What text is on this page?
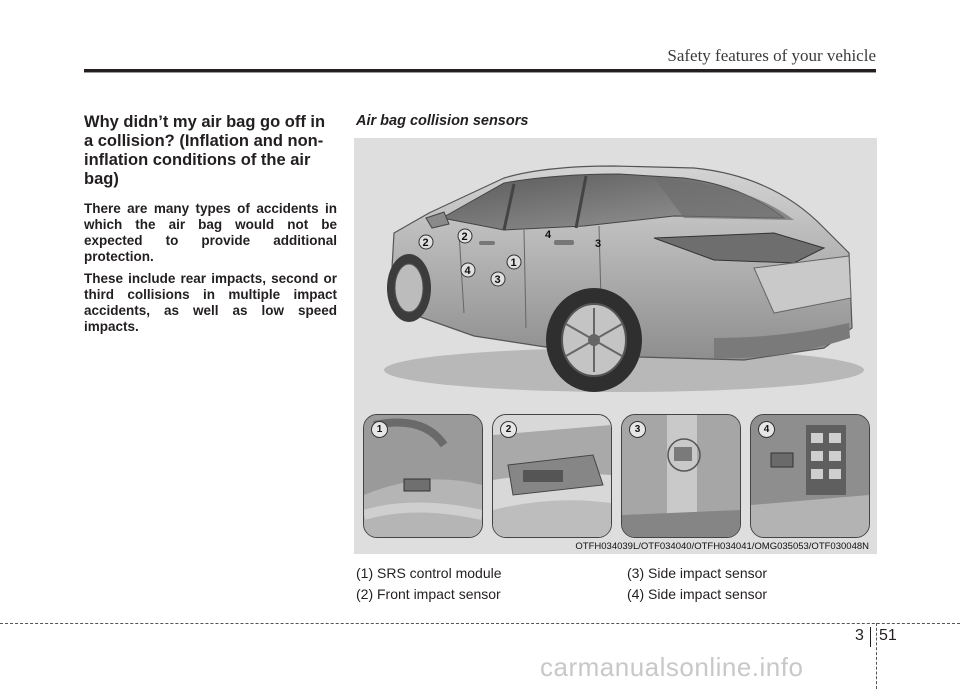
Safety features of your vehicle
Why didn’t my air bag go off in a collision? (Inflation and non-inflation conditions of the air bag)

There are many types of accidents in which the air bag would not be expected to provide additional protection.

These include rear impacts, second or third collisions in multiple impact accidents, as well as low speed impacts.

Air bag collision sensors
2	2
4
1
3
4
3
1	2	3	4
OTFH034039L/OTF034040/OTFH034041/OMG035053/OTF030048N
(1) SRS control module
(2) Front impact sensor
(3) Side impact sensor
(4) Side impact sensor
3 51
carmanualsonline.info
